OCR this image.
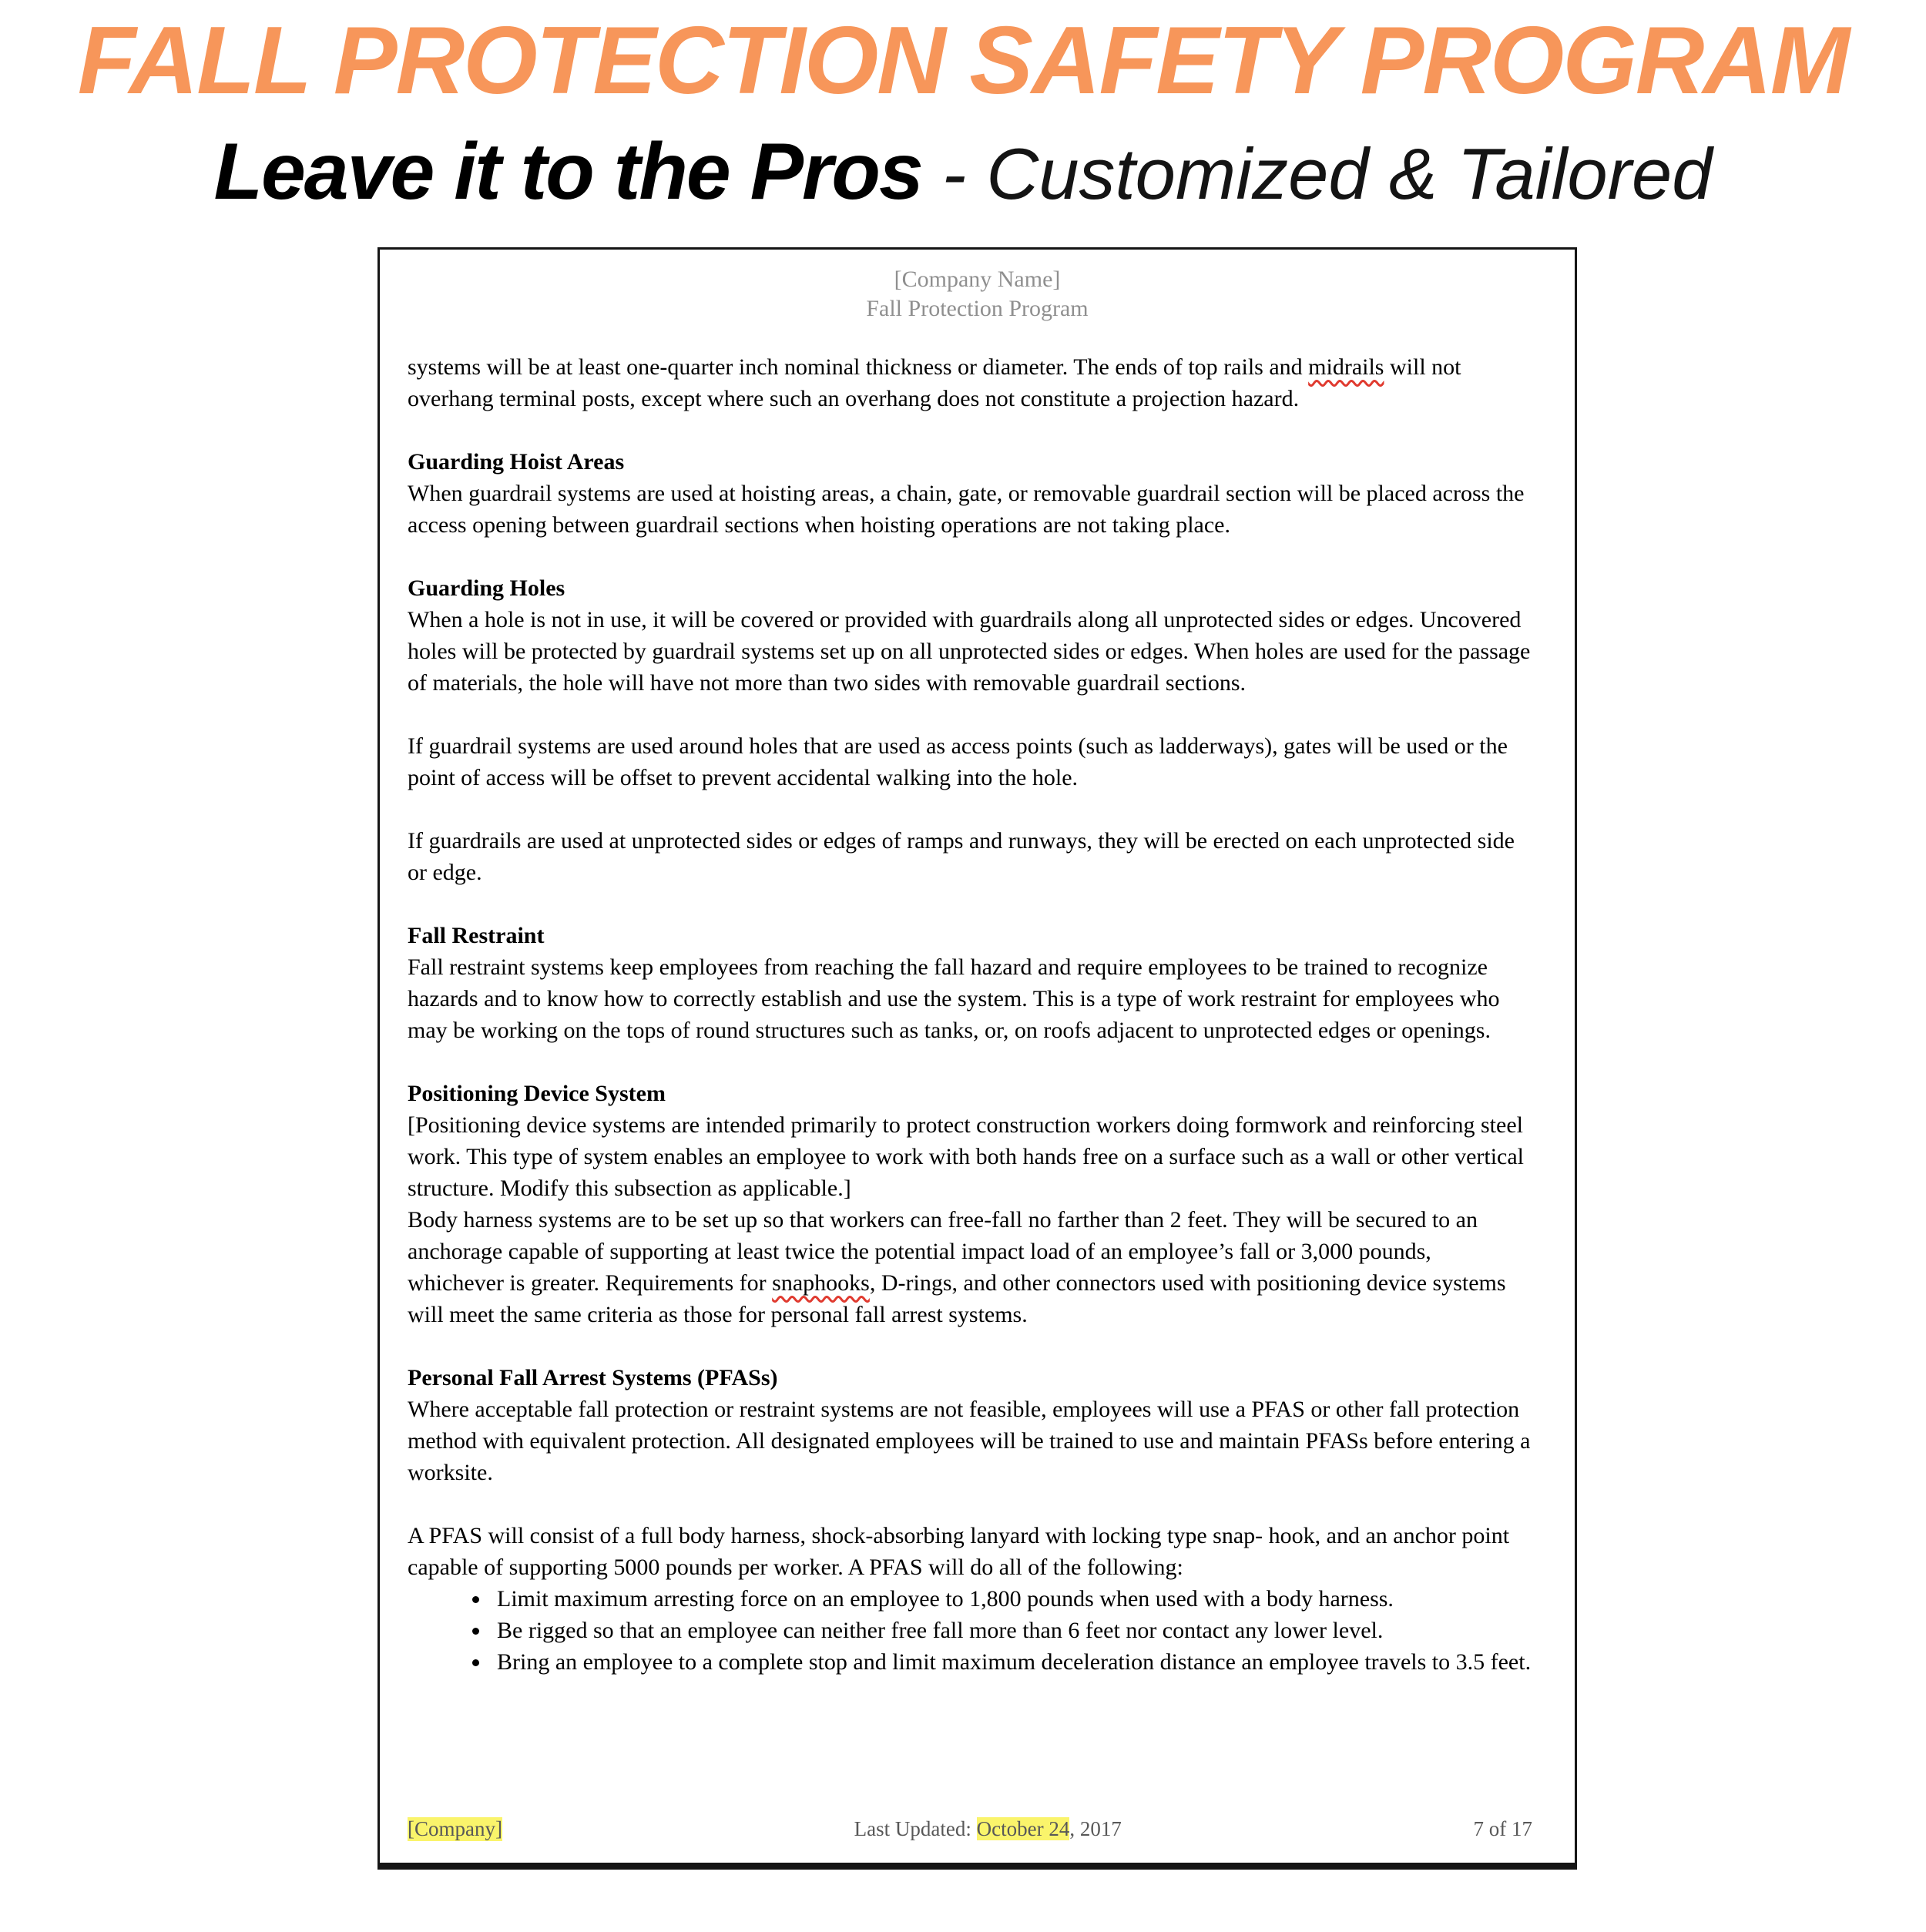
FALL PROTECTION SAFETY PROGRAM
Leave it to the Pros - Customized & Tailored
[Company Name]
Fall Protection Program
systems will be at least one-quarter inch nominal thickness or diameter. The ends of top rails and midrails will not overhang terminal posts, except where such an overhang does not constitute a projection hazard.
Guarding Hoist Areas
When guardrail systems are used at hoisting areas, a chain, gate, or removable guardrail section will be placed across the access opening between guardrail sections when hoisting operations are not taking place.
Guarding Holes
When a hole is not in use, it will be covered or provided with guardrails along all unprotected sides or edges. Uncovered holes will be protected by guardrail systems set up on all unprotected sides or edges. When holes are used for the passage of materials, the hole will have not more than two sides with removable guardrail sections.
If guardrail systems are used around holes that are used as access points (such as ladderways), gates will be used or the point of access will be offset to prevent accidental walking into the hole.
If guardrails are used at unprotected sides or edges of ramps and runways, they will be erected on each unprotected side or edge.
Fall Restraint
Fall restraint systems keep employees from reaching the fall hazard and require employees to be trained to recognize hazards and to know how to correctly establish and use the system. This is a type of work restraint for employees who may be working on the tops of round structures such as tanks, or, on roofs adjacent to unprotected edges or openings.
Positioning Device System
[Positioning device systems are intended primarily to protect construction workers doing formwork and reinforcing steel work. This type of system enables an employee to work with both hands free on a surface such as a wall or other vertical structure. Modify this subsection as applicable.]
Body harness systems are to be set up so that workers can free-fall no farther than 2 feet. They will be secured to an anchorage capable of supporting at least twice the potential impact load of an employee’s fall or 3,000 pounds, whichever is greater. Requirements for snaphooks, D-rings, and other connectors used with positioning device systems will meet the same criteria as those for personal fall arrest systems.
Personal Fall Arrest Systems (PFASs)
Where acceptable fall protection or restraint systems are not feasible, employees will use a PFAS or other fall protection method with equivalent protection. All designated employees will be trained to use and maintain PFASs before entering a worksite.
A PFAS will consist of a full body harness, shock-absorbing lanyard with locking type snap- hook, and an anchor point capable of supporting 5000 pounds per worker. A PFAS will do all of the following:
• Limit maximum arresting force on an employee to 1,800 pounds when used with a body harness.
• Be rigged so that an employee can neither free fall more than 6 feet nor contact any lower level.
• Bring an employee to a complete stop and limit maximum deceleration distance an employee travels to 3.5 feet.
[Company]	Last Updated: October 24, 2017	7 of 17
